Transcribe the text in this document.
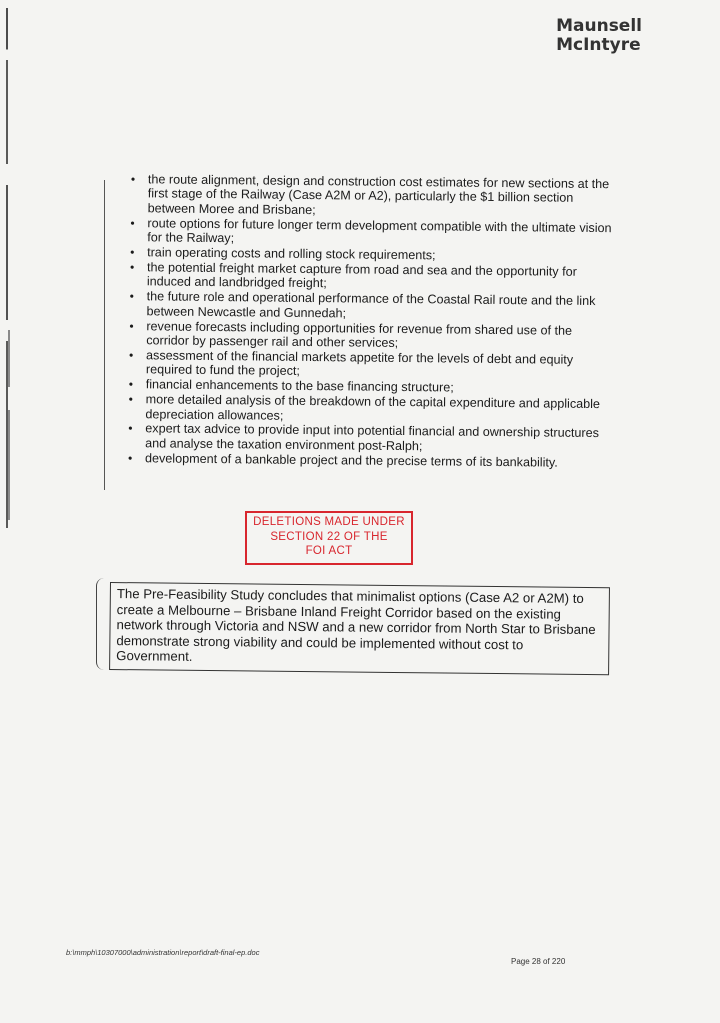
Maunsell
McIntyre
• the route alignment, design and construction cost estimates for new sections at the first stage of the Railway (Case A2M or A2), particularly the $1 billion section between Moree and Brisbane;
• route options for future longer term development compatible with the ultimate vision for the Railway;
• train operating costs and rolling stock requirements;
• the potential freight market capture from road and sea and the opportunity for induced and landbridged freight;
• the future role and operational performance of the Coastal Rail route and the link between Newcastle and Gunnedah;
• revenue forecasts including opportunities for revenue from shared use of the corridor by passenger rail and other services;
• assessment of the financial markets appetite for the levels of debt and equity required to fund the project;
• financial enhancements to the base financing structure;
• more detailed analysis of the breakdown of the capital expenditure and applicable depreciation allowances;
• expert tax advice to provide input into potential financial and ownership structures and analyse the taxation environment post-Ralph;
• development of a bankable project and the precise terms of its bankability.
DELETIONS MADE UNDER
SECTION 22 OF THE
FOI ACT
The Pre-Feasibility Study concludes that minimalist options (Case A2 or A2M) to create a Melbourne – Brisbane Inland Freight Corridor based on the existing network through Victoria and NSW and a new corridor from North Star to Brisbane demonstrate strong viability and could be implemented without cost to Government.
b:\mmph\10307000\administration\report\draft-final-ep.doc
Page 28 of 220
